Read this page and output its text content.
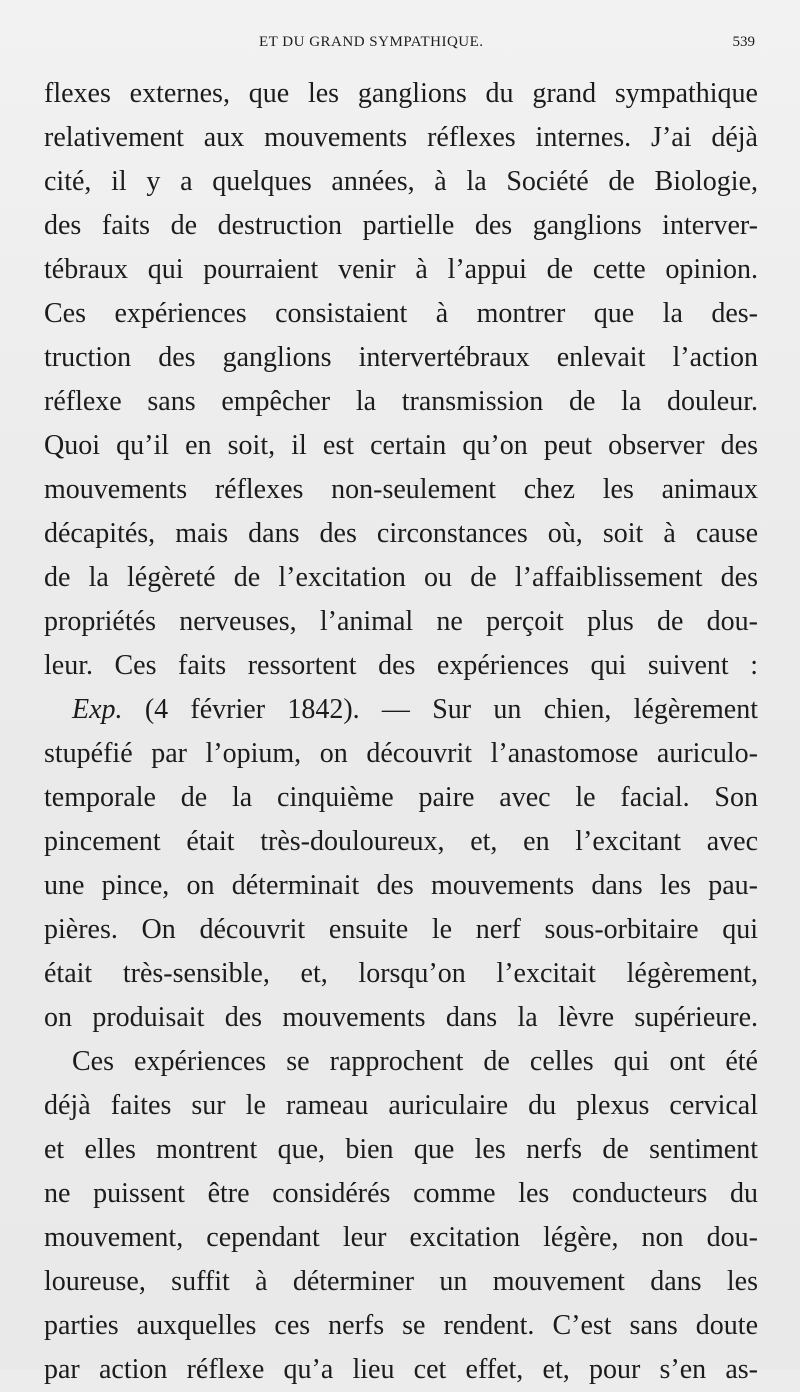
ET DU GRAND SYMPATHIQUE.	539
flexes externes, que les ganglions du grand sympathique
relativement aux mouvements réflexes internes. J’ai déjà
cité, il y a quelques années, à la Société de Biologie,
des faits de destruction partielle des ganglions interver-
tébraux qui pourraient venir à l’appui de cette opinion.
Ces expériences consistaient à montrer que la des-
truction des ganglions intervertébraux enlevait l’action
réflexe sans empêcher la transmission de la douleur.
Quoi qu’il en soit, il est certain qu’on peut observer des
mouvements réflexes non-seulement chez les animaux
décapités, mais dans des circonstances où, soit à cause
de la légèreté de l’excitation ou de l’affaiblissement des
propriétés nerveuses, l’animal ne perçoit plus de dou-
leur. Ces faits ressortent des expériences qui suivent :
Exp. (4 février 1842). — Sur un chien, légèrement
stupéfié par l’opium, on découvrit l’anastomose auriculo-
temporale de la cinquième paire avec le facial. Son
pincement était très-douloureux, et, en l’excitant avec
une pince, on déterminait des mouvements dans les pau-
pières. On découvrit ensuite le nerf sous-orbitaire qui
était très-sensible, et, lorsqu’on l’excitait légèrement,
on produisait des mouvements dans la lèvre supérieure.
Ces expériences se rapprochent de celles qui ont été
déjà faites sur le rameau auriculaire du plexus cervical
et elles montrent que, bien que les nerfs de sentiment
ne puissent être considérés comme les conducteurs du
mouvement, cependant leur excitation légère, non dou-
loureuse, suffit à déterminer un mouvement dans les
parties auxquelles ces nerfs se rendent. C’est sans doute
par action réflexe qu’a lieu cet effet, et, pour s’en as-
